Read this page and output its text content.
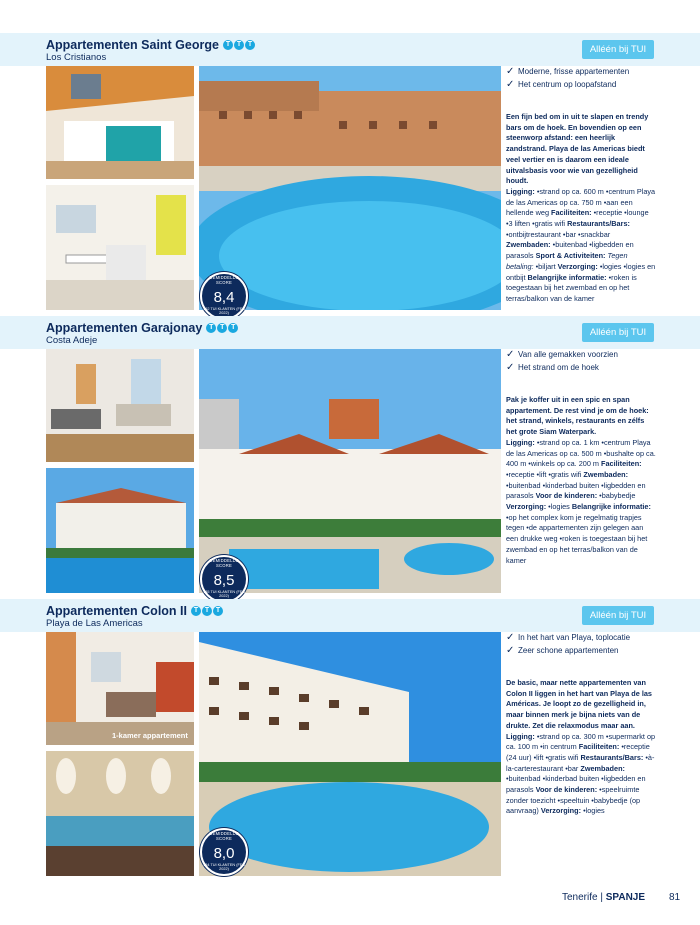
Appartementen Saint George T T T
Los Cristianos
Alléén bij TUI
GEMIDDELDE SCORE
8,4
162 TUI KLANTEN (FEB 2022)
✓ Moderne, frisse appartementen
✓ Het centrum op loopafstand
Een fijn bed om in uit te slapen en trendy bars om de hoek. En bovendien op een steenworp afstand: een heerlijk zandstrand. Playa de las Americas biedt veel vertier en is daarom een ideale uitvalsbasis voor wie van gezelligheid houdt.
Ligging: •strand op ca. 600 m •centrum Playa de las Americas op ca. 750 m •aan een hellende weg Faciliteiten: •receptie •lounge •3 liften •gratis wifi Restaurants/Bars: •ontbijtrestaurant •bar •snackbar Zwembaden: •buitenbad •ligbedden en parasols Sport & Activiteiten: Tegen betaling: •biljart Verzorging: •logies •logies en ontbijt Belangrijke informatie: •roken is toegestaan bij het zwembad en op het terras/balkon van de kamer
Appartementen Garajonay T T T
Costa Adeje
Alléén bij TUI
GEMIDDELDE SCORE
8,5
185 TUI KLANTEN (FEB 2022)
✓ Van alle gemakken voorzien
✓ Het strand om de hoek
Pak je koffer uit in een spic en span appartement. De rest vind je om de hoek: het strand, winkels, restaurants en zélfs het grote Siam Waterpark.
Ligging: •strand op ca. 1 km •centrum Playa de las Americas op ca. 500 m •bushalte op ca. 400 m •winkels op ca. 200 m Faciliteiten: •receptie •lift •gratis wifi Zwembaden: •buitenbad •kinderbad buiten •ligbedden en parasols Voor de kinderen: •babybedje Verzorging: •logies Belangrijke informatie: •op het complex kom je regelmatig trapjes tegen •de appartementen zijn gelegen aan een drukke weg •roken is toegestaan bij het zwembad en op het terras/balkon van de kamer
Appartementen Colon II T T T
Playa de Las Americas
Alléén bij TUI
1-kamer appartement
GEMIDDELDE SCORE
8,0
154 TUI KLANTEN (FEB 2022)
✓ In het hart van Playa, toplocatie
✓ Zeer schone appartementen
De basic, maar nette appartementen van Colon II liggen in het hart van Playa de las Américas. Je loopt zo de gezelligheid in, maar binnen merk je bijna niets van de drukte. Zet die relaxmodus maar aan.
Ligging: •strand op ca. 300 m •supermarkt op ca. 100 m •in centrum Faciliteiten: •receptie (24 uur) •lift •gratis wifi Restaurants/Bars: •à-la-carterestaurant •bar Zwembaden: •buitenbad •kinderbad buiten •ligbedden en parasols Voor de kinderen: •speelruimte zonder toezicht •speeltuin •babybedje (op aanvraag) Verzorging: •logies
Tenerife | SPANJE 81
